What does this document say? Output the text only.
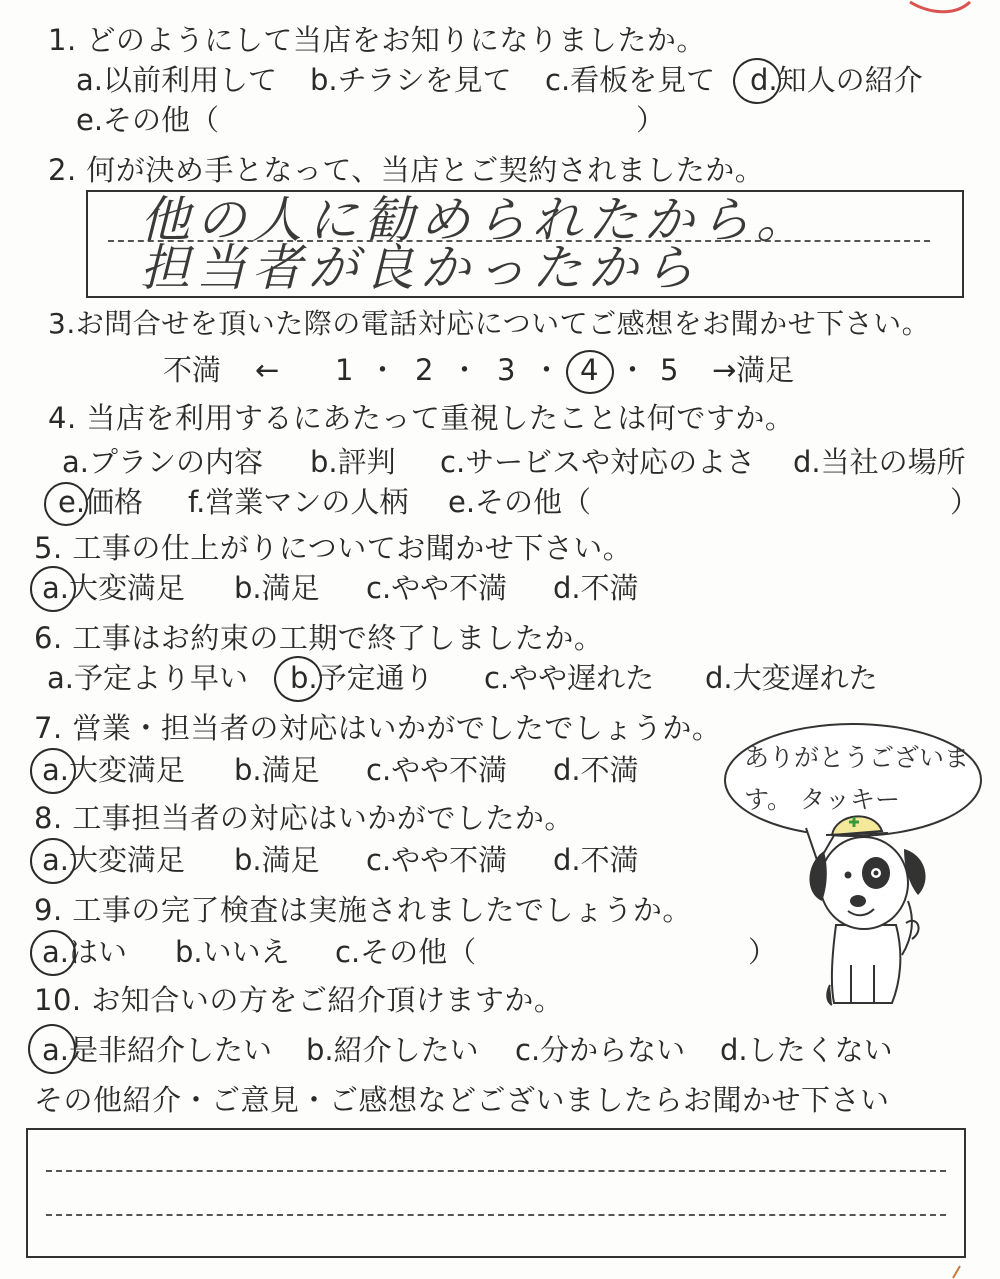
1. どのようにして当店をお知りになりましたか。
a.以前利用して b.チラシを見て c.看板を見て d.知人の紹介
e.その他（	）
2. 何が決め手となって、当店とご契約されましたか。
他の人に勧められたから。
担当者が良かったから
3.お問合せを頂いた際の電話対応についてご感想をお聞かせ下さい。
不満 ← 1 ・ 2 ・ 3 ・ 4 ・ 5 →満足
4. 当店を利用するにあたって重視したことは何ですか。
a.プランの内容 b.評判 c.サービスや対応のよさ d.当社の場所
e.価格 f.営業マンの人柄 e.その他（	）
5. 工事の仕上がりについてお聞かせ下さい。
a.大変満足 b.満足 c.やや不満 d.不満
6. 工事はお約束の工期で終了しましたか。
a.予定より早い b.予定通り c.やや遅れた d.大変遅れた
7. 営業・担当者の対応はいかがでしたでしょうか。
a.大変満足 b.満足 c.やや不満 d.不満
8. 工事担当者の対応はいかがでしたか。
a.大変満足 b.満足 c.やや不満 d.不満
9. 工事の完了検査は実施されましたでしょうか。
a.はい b.いいえ c.その他（	）
10. お知合いの方をご紹介頂けますか。
a.是非紹介したい b.紹介したい c.分からない d.したくない
その他紹介・ご意見・ご感想などございましたらお聞かせ下さい
ありがとうございま
す。 タッキー
